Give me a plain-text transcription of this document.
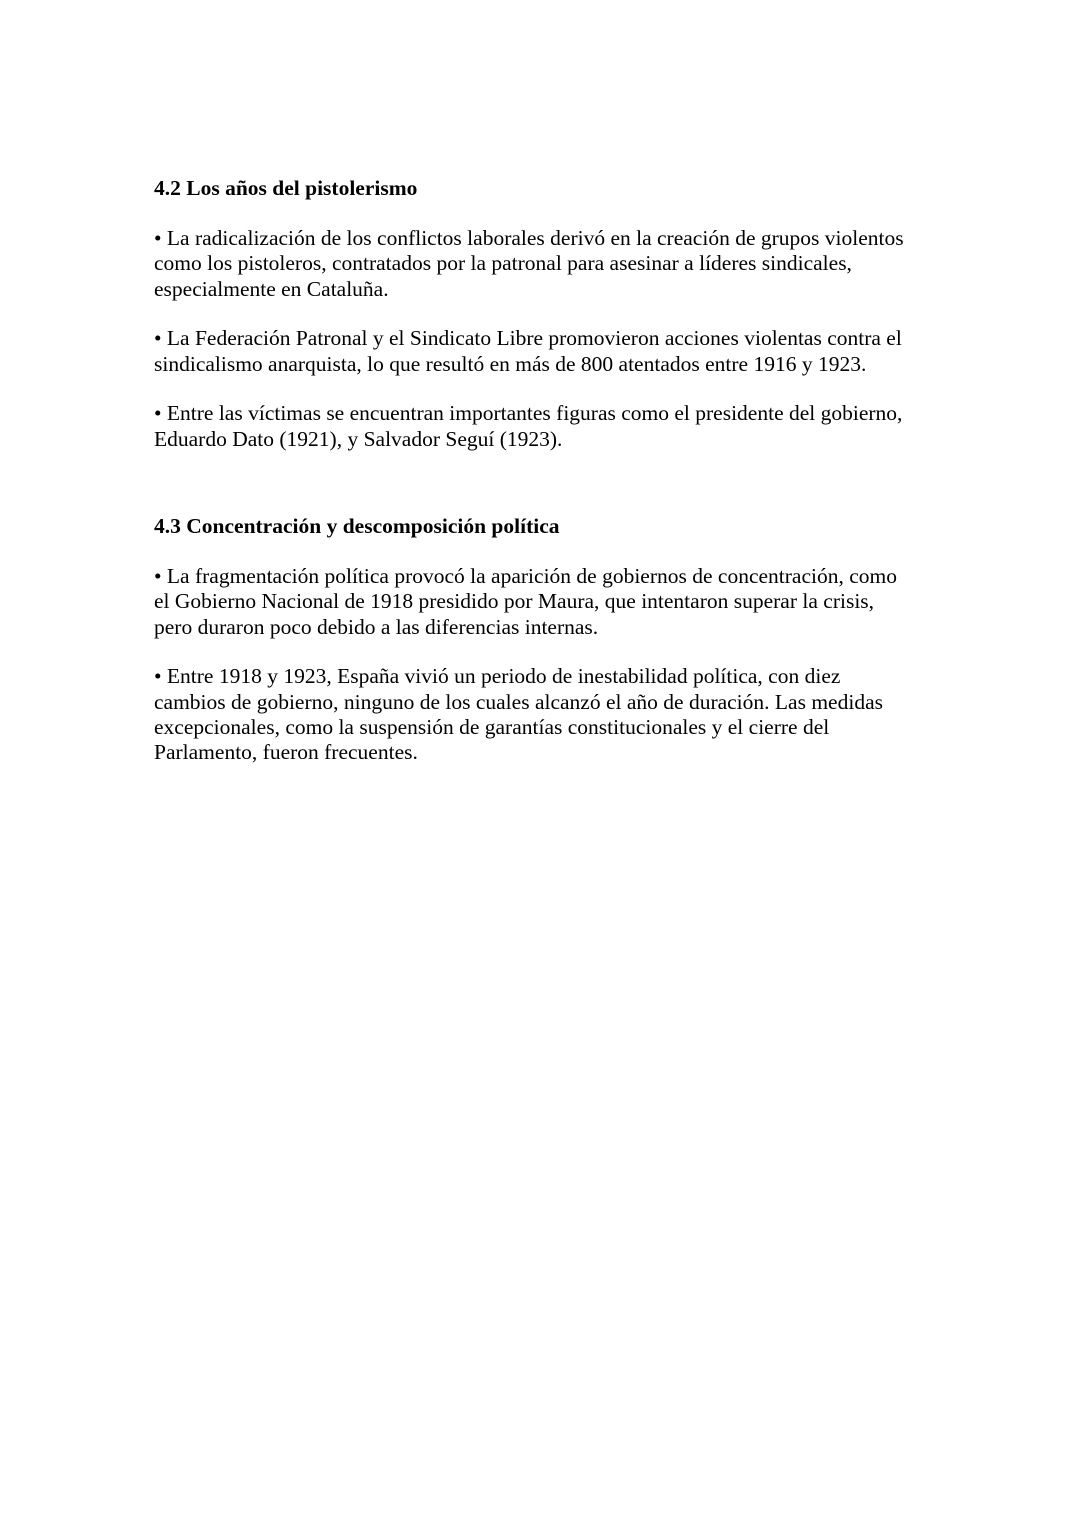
4.2 Los años del pistolerismo

• La radicalización de los conflictos laborales derivó en la creación de grupos violentos
como los pistoleros, contratados por la patronal para asesinar a líderes sindicales,
especialmente en Cataluña.

• La Federación Patronal y el Sindicato Libre promovieron acciones violentas contra el
sindicalismo anarquista, lo que resultó en más de 800 atentados entre 1916 y 1923.

• Entre las víctimas se encuentran importantes figuras como el presidente del gobierno,
Eduardo Dato (1921), y Salvador Seguí (1923).

4.3 Concentración y descomposición política

• La fragmentación política provocó la aparición de gobiernos de concentración, como
el Gobierno Nacional de 1918 presidido por Maura, que intentaron superar la crisis,
pero duraron poco debido a las diferencias internas.

• Entre 1918 y 1923, España vivió un periodo de inestabilidad política, con diez
cambios de gobierno, ninguno de los cuales alcanzó el año de duración. Las medidas
excepcionales, como la suspensión de garantías constitucionales y el cierre del
Parlamento, fueron frecuentes.
